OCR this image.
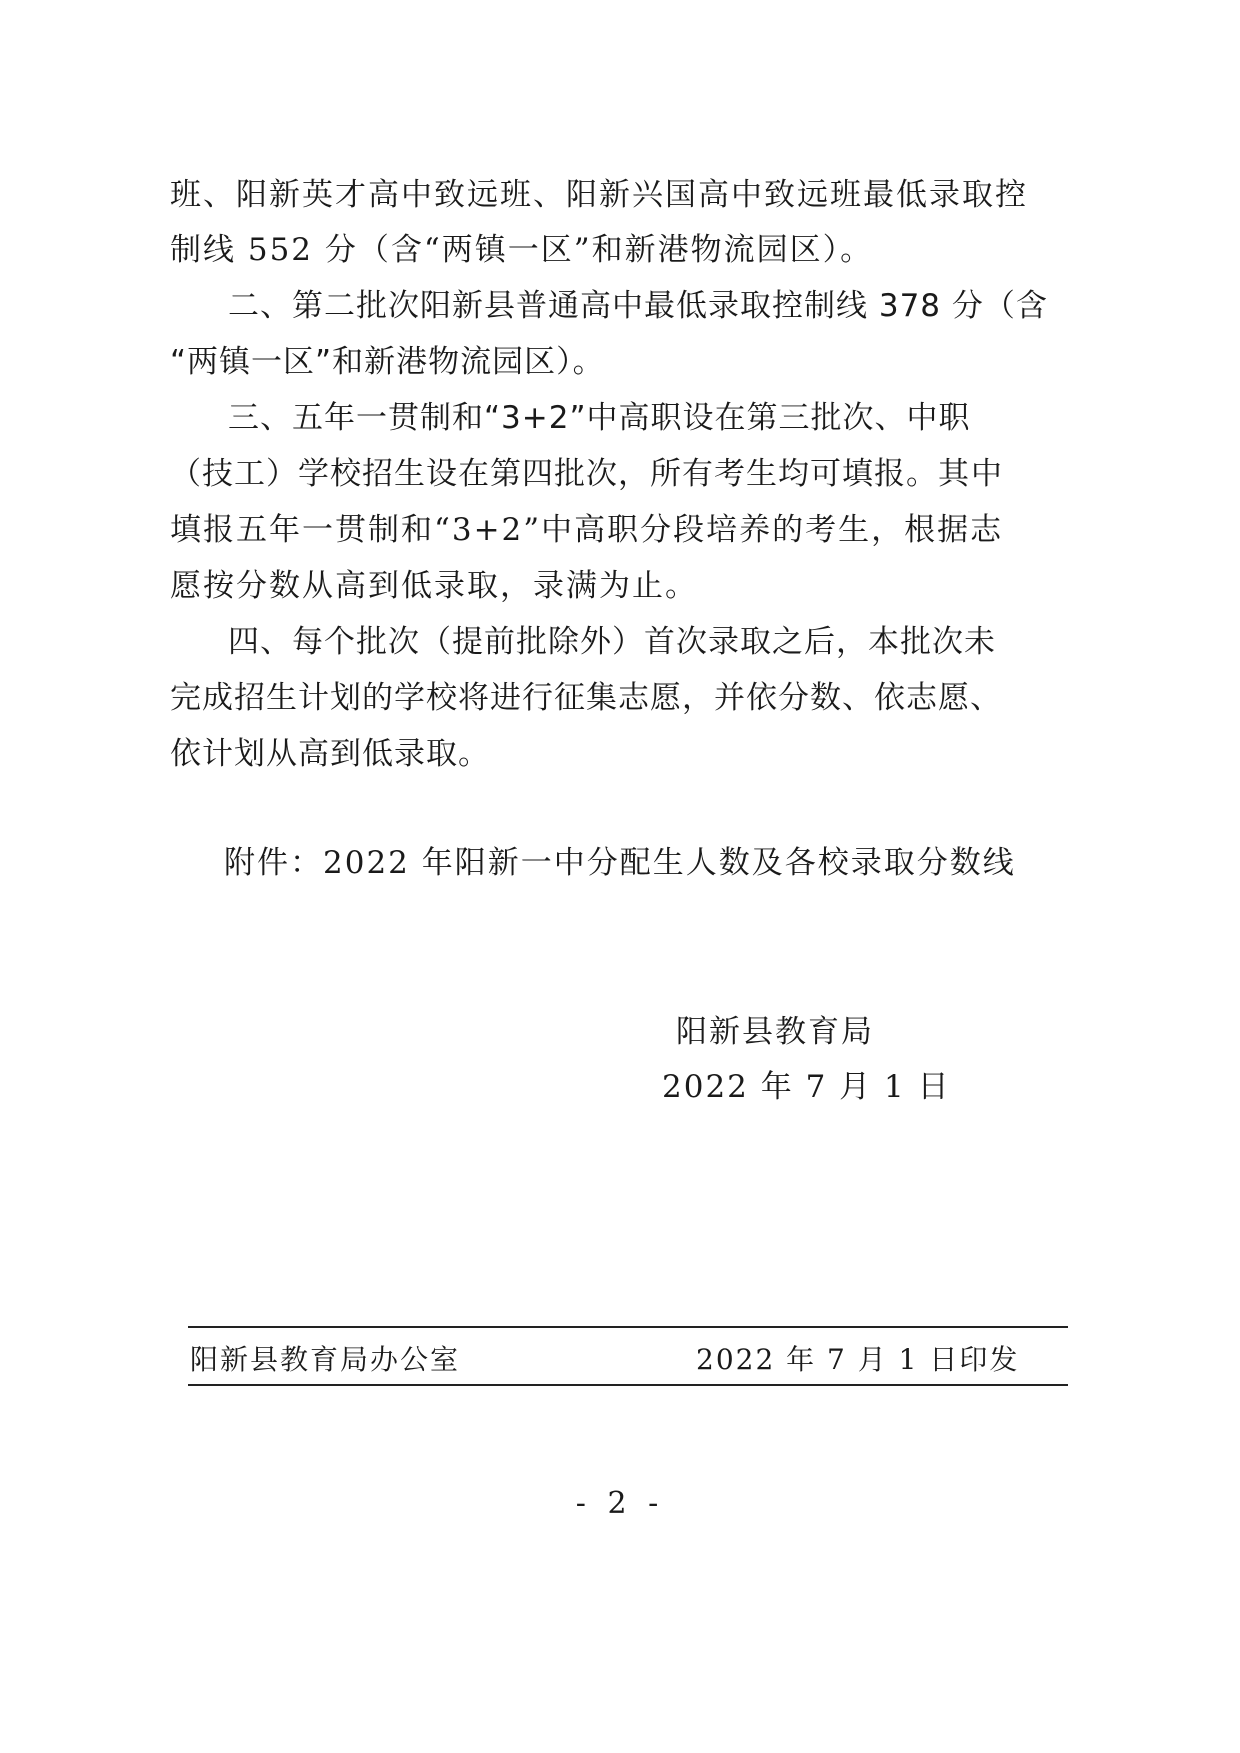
班、阳新英才高中致远班、阳新兴国高中致远班最低录取控
制线 552 分（含“两镇一区”和新港物流园区）。
二、第二批次阳新县普通高中最低录取控制线 378 分（含
“两镇一区”和新港物流园区）。
三、五年一贯制和“3+2”中高职设在第三批次、中职
（技工）学校招生设在第四批次，所有考生均可填报。其中
填报五年一贯制和“3+2”中高职分段培养的考生，根据志
愿按分数从高到低录取，录满为止。
四、每个批次（提前批除外）首次录取之后，本批次未
完成招生计划的学校将进行征集志愿，并依分数、依志愿、
依计划从高到低录取。
附件：2022 年阳新一中分配生人数及各校录取分数线
阳新县教育局
2022 年 7 月 1 日
阳新县教育局办公室	2022 年 7 月 1 日印发
- 2 -
